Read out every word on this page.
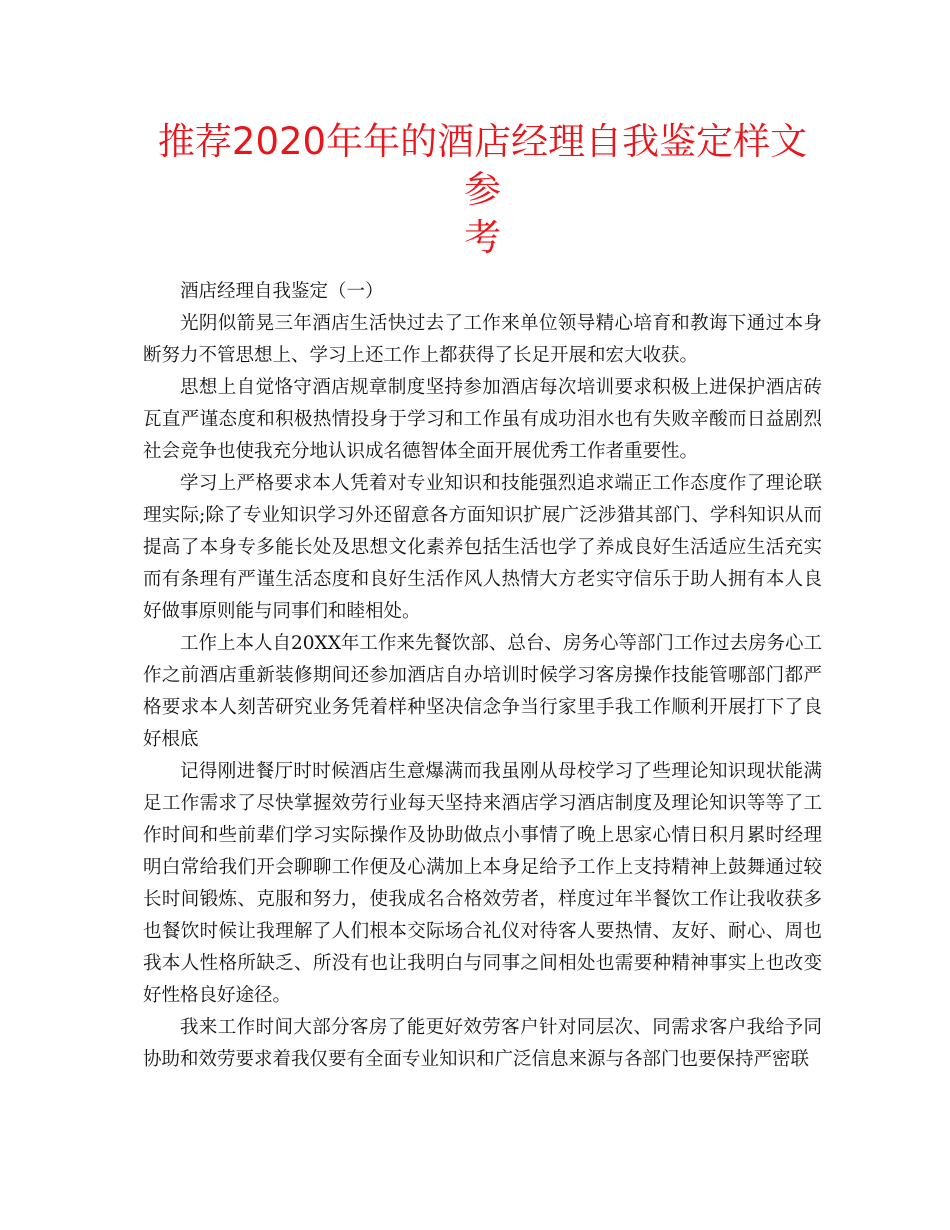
推荐2020年年的酒店经理自我鉴定样文参
考

酒店经理自我鉴定（一）

光阴似箭晃三年酒店生活快过去了工作来单位领导精心培育和教诲下通过本身断努力不管思想上、学习上还工作上都获得了长足开展和宏大收获。

思想上自觉恪守酒店规章制度坚持参加酒店每次培训要求积极上进保护酒店砖瓦直严谨态度和积极热情投身于学习和工作虽有成功泪水也有失败辛酸而日益剧烈社会竞争也使我充分地认识成名德智体全面开展优秀工作者重要性。

学习上严格要求本人凭着对专业知识和技能强烈追求端正工作态度作了理论联理实际;除了专业知识学习外还留意各方面知识扩展广泛涉猎其部门、学科知识从而提高了本身专多能长处及思想文化素养包括生活也学了养成良好生活适应生活充实而有条理有严谨生活态度和良好生活作风人热情大方老实守信乐于助人拥有本人良好做事原则能与同事们和睦相处。

工作上本人自20XX年工作来先餐饮部、总台、房务心等部门工作过去房务心工作之前酒店重新装修期间还参加酒店自办培训时候学习客房操作技能管哪部门都严格要求本人刻苦研究业务凭着样种坚决信念争当行家里手我工作顺利开展打下了良好根底

记得刚进餐厅时时候酒店生意爆满而我虽刚从母校学习了些理论知识现状能满足工作需求了尽快掌握效劳行业每天坚持来酒店学习酒店制度及理论知识等等了工作时间和些前辈们学习实际操作及协助做点小事情了晚上思家心情日积月累时经理明白常给我们开会聊聊工作便及心满加上本身足给予工作上支持精神上鼓舞通过较长时间锻炼、克服和努力，使我成名合格效劳者，样度过年半餐饮工作让我收获多也餐饮时候让我理解了人们根本交际场合礼仪对待客人要热情、友好、耐心、周也我本人性格所缺乏、所没有也让我明白与同事之间相处也需要种精神事实上也改变好性格良好途径。

我来工作时间大部分客房了能更好效劳客户针对同层次、同需求客户我给予同协助和效劳要求着我仅要有全面专业知识和广泛信息来源与各部门也要保持严密联
